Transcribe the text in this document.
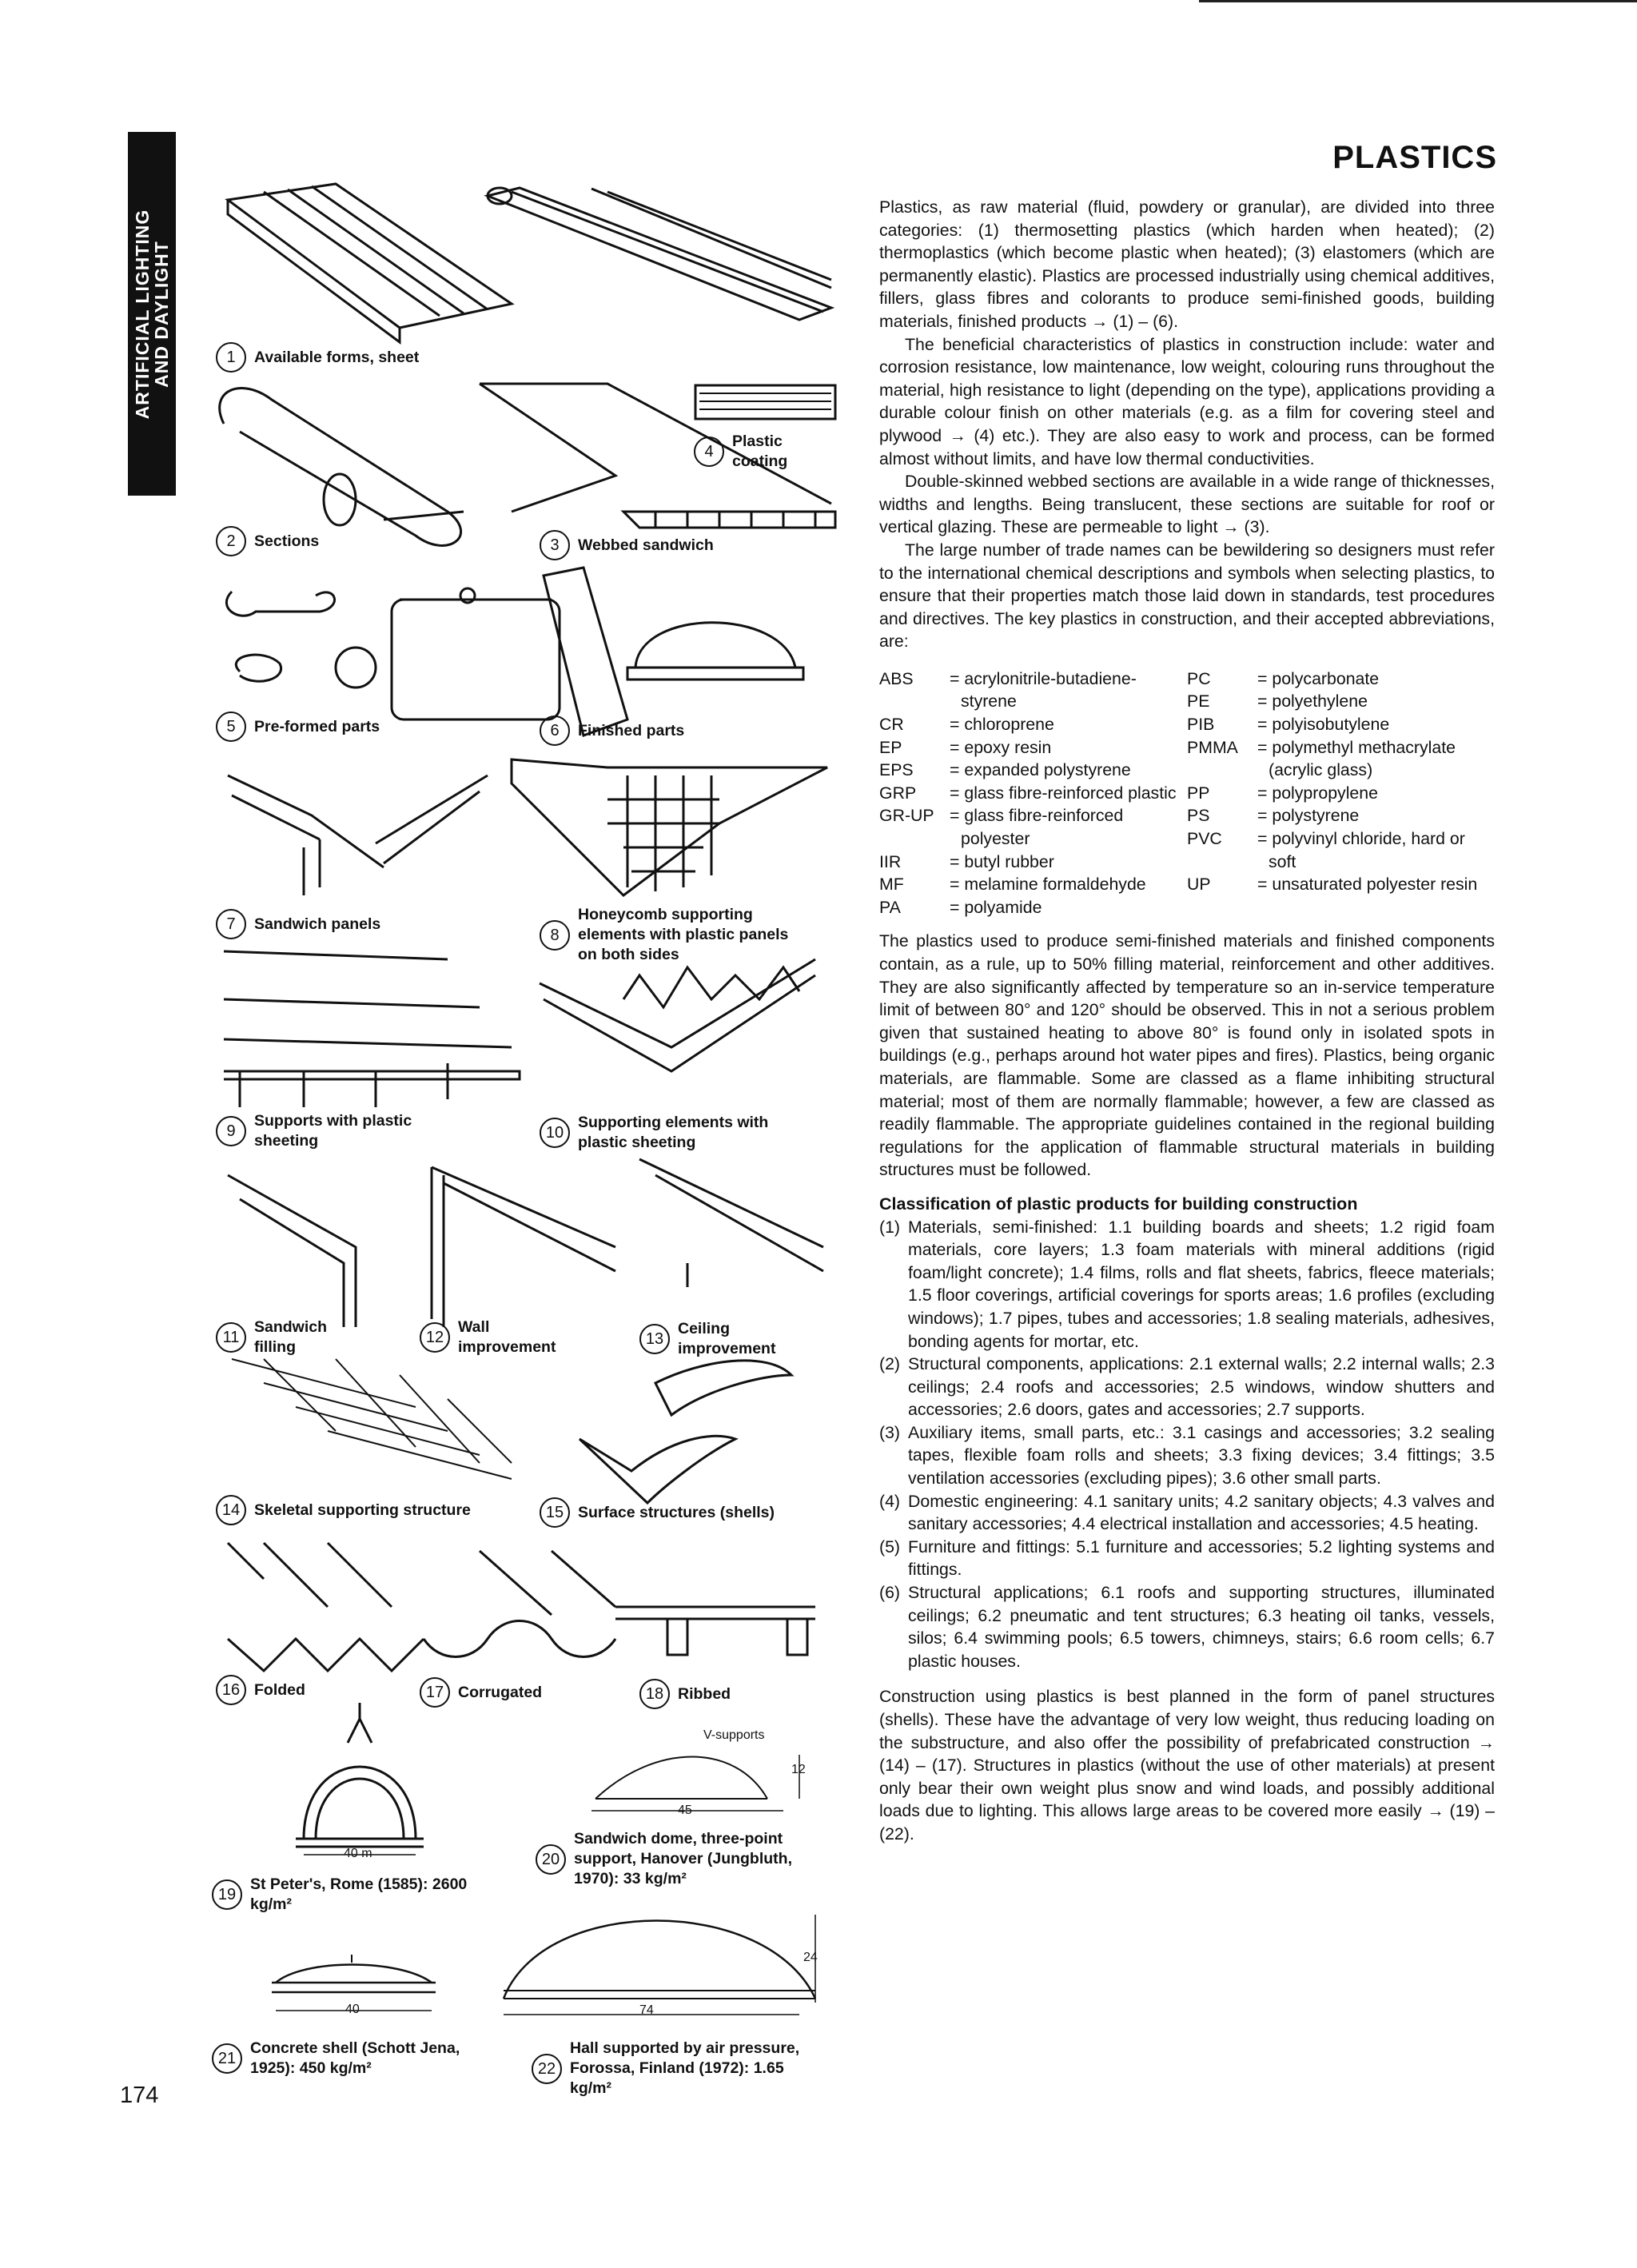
ARTIFICIAL LIGHTING
AND DAYLIGHT
174
PLASTICS
1 Available forms, sheet
2 Sections	3 Webbed sandwich
4Plastic coating
5 Pre-formed parts	6 Finished parts
7 Sandwich panels
8Honeycomb supporting elements with plastic panels on both sides
9Supports with plastic sheeting	10Supporting elements with plastic sheeting
11Sandwich filling
12Wall improvement	13Ceiling improvement
14 Skeletal supporting structure	15 Surface structures (shells)
16 Folded	17 Corrugated	18 Ribbed
V-supports
12
45
40 m	20Sandwich dome, three-point support, Hanover (Jungbluth, 1970): 33 kg/m²
19St Peter's, Rome (1585): 2600 kg/m²
40	74
24
21Concrete shell (Schott Jena, 1925): 450 kg/m²	22Hall supported by air pressure, Forossa, Finland (1972): 1.65 kg/m²

Plastics, as raw material (fluid, powdery or granular), are divided into three categories: (1) thermosetting plastics (which harden when heated); (2) thermoplastics (which become plastic when heated); (3) elastomers (which are permanently elastic). Plastics are processed industrially using chemical additives, fillers, glass fibres and colorants to produce semi-finished goods, building materials, finished products → (1) – (6).

The beneficial characteristics of plastics in construction include: water and corrosion resistance, low maintenance, low weight, colouring runs throughout the material, high resistance to light (depending on the type), applications providing a durable colour finish on other materials (e.g. as a film for covering steel and plywood → (4) etc.). They are also easy to work and process, can be formed almost without limits, and have low thermal conductivities.

Double-skinned webbed sections are available in a wide range of thicknesses, widths and lengths. Being translucent, these sections are suitable for roof or vertical glazing. These are permeable to light → (3).

The large number of trade names can be bewildering so designers must refer to the international chemical descriptions and symbols when selecting plastics, to ensure that their properties match those laid down in standards, test procedures and directives. The key plastics in construction, and their accepted abbreviations, are:

ABS	= acrylonitrile-butadiene-styrene
CR	= chloroprene
EP	= epoxy resin
EPS	= expanded polystyrene
GRP	= glass fibre-reinforced plastic
GR-UP = glass fibre-reinforced polyester
IIR	= butyl rubber
MF	= melamine formaldehyde
PA	= polyamide
PC	= polycarbonate
PE	= polyethylene
PIB	= polyisobutylene
PMMA	= polymethyl methacrylate (acrylic glass)
PP	= polypropylene
PS	= polystyrene
PVC	= polyvinyl chloride, hard or soft
UP	= unsaturated polyester resin

The plastics used to produce semi-finished materials and finished components contain, as a rule, up to 50% filling material, reinforcement and other additives. They are also significantly affected by temperature so an in-service temperature limit of between 80° and 120° should be observed. This in not a serious problem given that sustained heating to above 80° is found only in isolated spots in buildings (e.g., perhaps around hot water pipes and fires). Plastics, being organic materials, are flammable. Some are classed as a flame inhibiting structural material; most of them are normally flammable; however, a few are classed as readily flammable. The appropriate guidelines contained in the regional building regulations for the application of flammable structural materials in building structures must be followed.

Classification of plastic products for building construction
(1) Materials, semi-finished: 1.1 building boards and sheets; 1.2 rigid foam materials, core layers; 1.3 foam materials with mineral additions (rigid foam/light concrete); 1.4 films, rolls and flat sheets, fabrics, fleece materials; 1.5 floor coverings, artificial coverings for sports areas; 1.6 profiles (excluding windows); 1.7 pipes, tubes and accessories; 1.8 sealing materials, adhesives, bonding agents for mortar, etc.
(2) Structural components, applications: 2.1 external walls; 2.2 internal walls; 2.3 ceilings; 2.4 roofs and accessories; 2.5 windows, window shutters and accessories; 2.6 doors, gates and accessories; 2.7 supports.
(3) Auxiliary items, small parts, etc.: 3.1 casings and accessories; 3.2 sealing tapes, flexible foam rolls and sheets; 3.3 fixing devices; 3.4 fittings; 3.5 ventilation accessories (excluding pipes); 3.6 other small parts.
(4) Domestic engineering: 4.1 sanitary units; 4.2 sanitary objects; 4.3 valves and sanitary accessories; 4.4 electrical installation and accessories; 4.5 heating.
(5) Furniture and fittings: 5.1 furniture and accessories; 5.2 lighting systems and fittings.
(6) Structural applications; 6.1 roofs and supporting structures, illuminated ceilings; 6.2 pneumatic and tent structures; 6.3 heating oil tanks, vessels, silos; 6.4 swimming pools; 6.5 towers, chimneys, stairs; 6.6 room cells; 6.7 plastic houses.

Construction using plastics is best planned in the form of panel structures (shells). These have the advantage of very low weight, thus reducing loading on the substructure, and also offer the possibility of prefabricated construction → (14) – (17). Structures in plastics (without the use of other materials) at present only bear their own weight plus snow and wind loads, and possibly additional loads due to lighting. This allows large areas to be covered more easily → (19) – (22).
